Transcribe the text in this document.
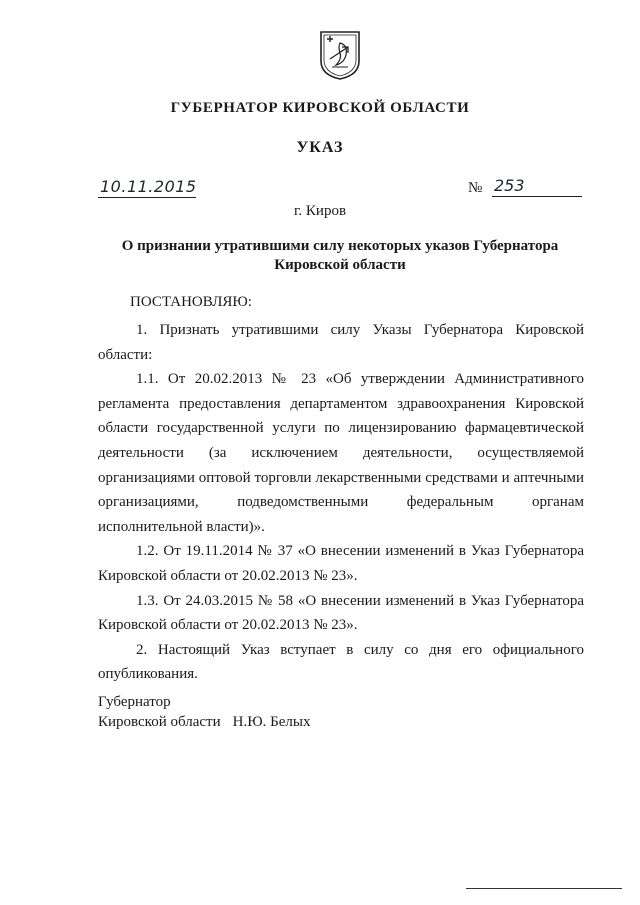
ГУБЕРНАТОР КИРОВСКОЙ ОБЛАСТИ
УКАЗ
10.11.2015	№ 253
г. Киров
О признании утратившими силу некоторых указов Губернатора Кировской области
ПОСТАНОВЛЯЮ:

1. Признать утратившими силу Указы Губернатора Кировской области:

1.1. От 20.02.2013 № 23 «Об утверждении Административного регламента предоставления департаментом здравоохранения Кировской области государственной услуги по лицензированию фармацевтической деятельности (за исключением деятельности, осуществляемой организациями оптовой торговли лекарственными средствами и аптечными организациями, подведомственными федеральным органам исполнительной власти)».

1.2. От 19.11.2014 № 37 «О внесении изменений в Указ Губернатора Кировской области от 20.02.2013 № 23».

1.3. От 24.03.2015 № 58 «О внесении изменений в Указ Губернатора Кировской области от 20.02.2013 № 23».

2. Настоящий Указ вступает в силу со дня его официального опубликования.

Губернатор
Кировской области Н.Ю. Белых
